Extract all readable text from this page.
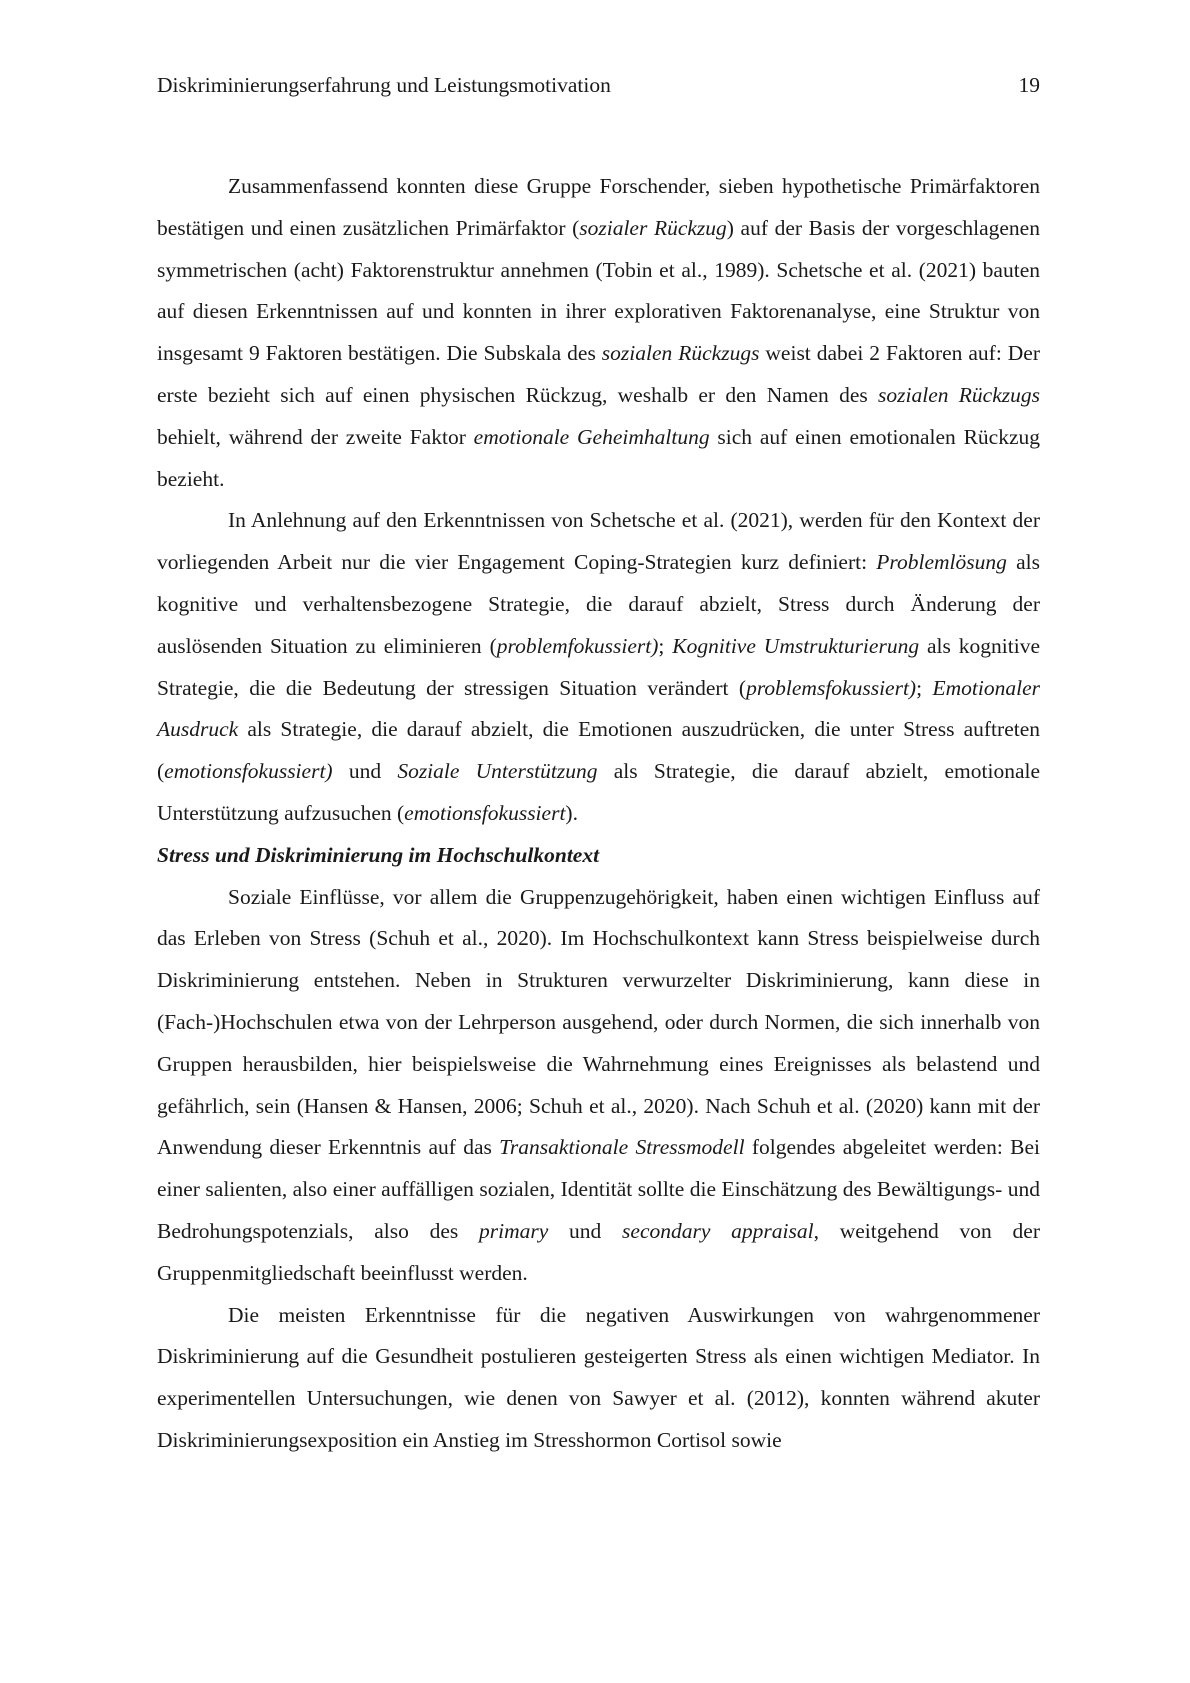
Diskriminierungserfahrung und Leistungsmotivation	19

Zusammenfassend konnten diese Gruppe Forschender, sieben hypothetische Primärfaktoren bestätigen und einen zusätzlichen Primärfaktor (sozialer Rückzug) auf der Basis der vorgeschlagenen symmetrischen (acht) Faktorenstruktur annehmen (Tobin et al., 1989). Schetsche et al. (2021) bauten auf diesen Erkenntnissen auf und konnten in ihrer explorativen Faktorenanalyse, eine Struktur von insgesamt 9 Faktoren bestätigen. Die Subskala des sozialen Rückzugs weist dabei 2 Faktoren auf: Der erste bezieht sich auf einen physischen Rückzug, weshalb er den Namen des sozialen Rückzugs behielt, während der zweite Faktor emotionale Geheimhaltung sich auf einen emotionalen Rückzug bezieht.

In Anlehnung auf den Erkenntnissen von Schetsche et al. (2021), werden für den Kontext der vorliegenden Arbeit nur die vier Engagement Coping-Strategien kurz definiert: Problemlösung als kognitive und verhaltensbezogene Strategie, die darauf abzielt, Stress durch Änderung der auslösenden Situation zu eliminieren (problemfokussiert); Kognitive Umstrukturierung als kognitive Strategie, die die Bedeutung der stressigen Situation verändert (problemsfokussiert); Emotionaler Ausdruck als Strategie, die darauf abzielt, die Emotionen auszudrücken, die unter Stress auftreten (emotionsfokussiert) und Soziale Unterstützung als Strategie, die darauf abzielt, emotionale Unterstützung aufzusuchen (emotionsfokussiert).

Stress und Diskriminierung im Hochschulkontext

Soziale Einflüsse, vor allem die Gruppenzugehörigkeit, haben einen wichtigen Einfluss auf das Erleben von Stress (Schuh et al., 2020). Im Hochschulkontext kann Stress beispielweise durch Diskriminierung entstehen. Neben in Strukturen verwurzelter Diskriminierung, kann diese in (Fach-)Hochschulen etwa von der Lehrperson ausgehend, oder durch Normen, die sich innerhalb von Gruppen herausbilden, hier beispielsweise die Wahrnehmung eines Ereignisses als belastend und gefährlich, sein (Hansen & Hansen, 2006; Schuh et al., 2020). Nach Schuh et al. (2020) kann mit der Anwendung dieser Erkenntnis auf das Transaktionale Stressmodell folgendes abgeleitet werden: Bei einer salienten, also einer auffälligen sozialen, Identität sollte die Einschätzung des Bewältigungs- und Bedrohungspotenzials, also des primary und secondary appraisal, weitgehend von der Gruppenmitgliedschaft beeinflusst werden.

Die meisten Erkenntnisse für die negativen Auswirkungen von wahrgenommener Diskriminierung auf die Gesundheit postulieren gesteigerten Stress als einen wichtigen Mediator. In experimentellen Untersuchungen, wie denen von Sawyer et al. (2012), konnten während akuter Diskriminierungsexposition ein Anstieg im Stresshormon Cortisol sowie
